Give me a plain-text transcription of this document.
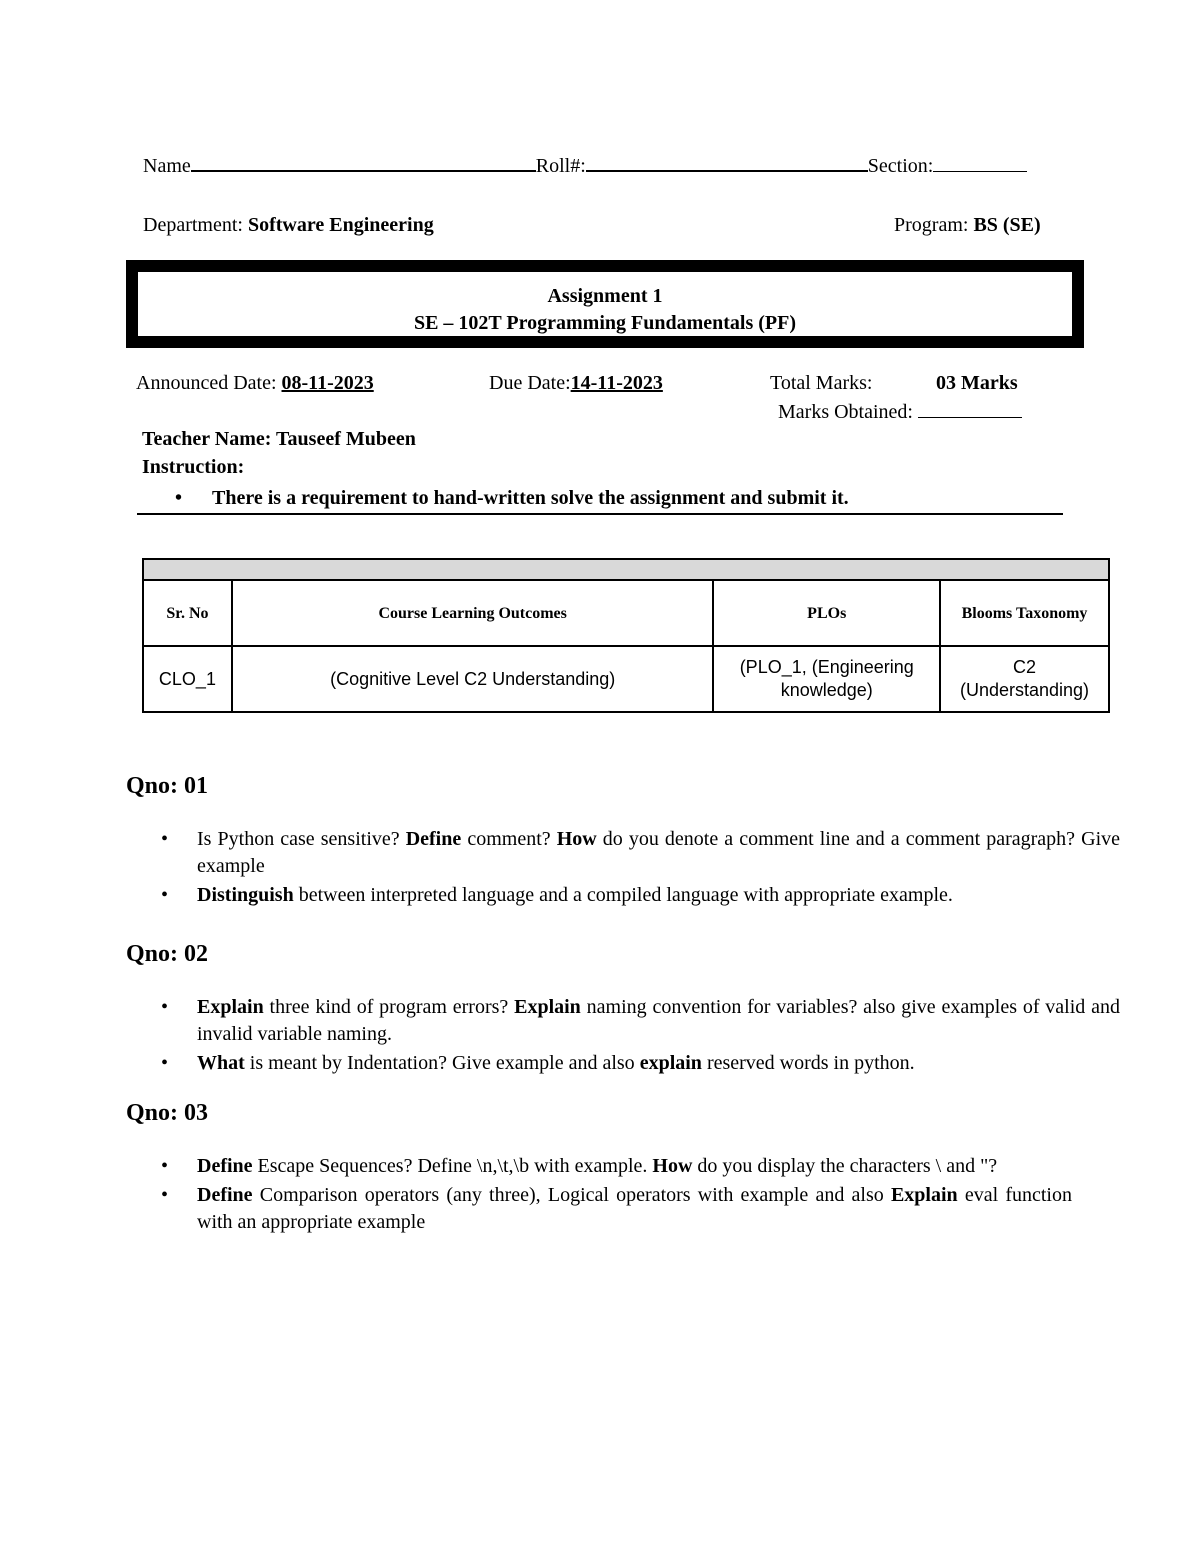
Name	Roll#:	Section:
Department: Software Engineering	Program: BS (SE)
Assignment 1
SE – 102T Programming Fundamentals (PF)
Announced Date: 08-11-2023	Due Date:14-11-2023	Total Marks:	03 Marks
Marks Obtained:
Teacher Name: Tauseef Mubeen
Instruction:
• There is a requirement to hand-written solve the assignment and submit it.

Sr. No	Course Learning Outcomes	PLOs	Blooms Taxonomy
CLO_1	(Cognitive Level C2 Understanding)	(PLO_1, (Engineering knowledge)	C2 (Understanding)
Qno: 01
• Is Python case sensitive? Define comment? How do you denote a comment line and a comment paragraph? Give example
• Distinguish between interpreted language and a compiled language with appropriate example.
Qno: 02
• Explain three kind of program errors? Explain naming convention for variables? also give examples of valid and invalid variable naming.
• What is meant by Indentation? Give example and also explain reserved words in python.
Qno: 03
• Define Escape Sequences? Define \n,\t,\b with example. How do you display the characters \ and "?
• Define Comparison operators (any three), Logical operators with example and also Explain eval function with an appropriate example
